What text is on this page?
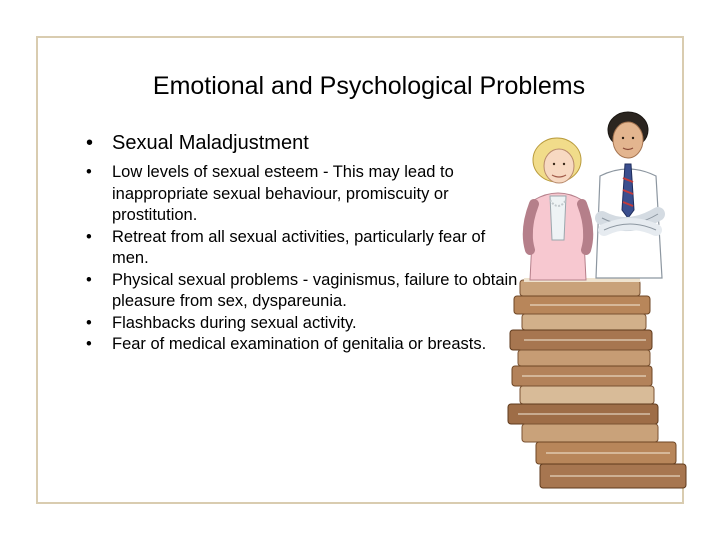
Emotional and Psychological Problems
• Sexual Maladjustment
•	Low levels of sexual esteem - This may lead to inappropriate sexual behaviour, promiscuity or prostitution.
•	Retreat from all sexual activities, particularly fear of men.
•	Physical sexual problems - vaginismus, failure to obtain pleasure from sex, dyspareunia.
•	Flashbacks during sexual activity.
•	Fear of medical examination of genitalia or breasts.
